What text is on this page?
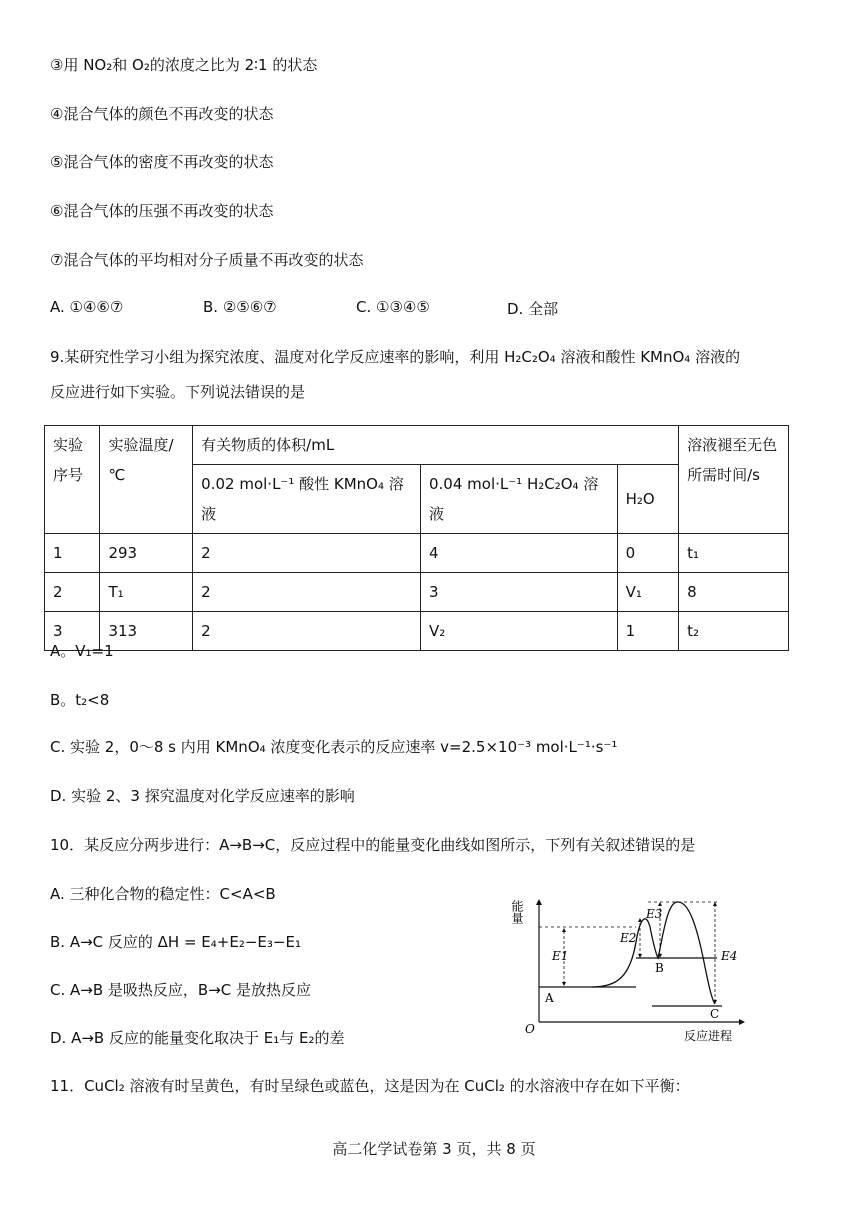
③用 NO₂和 O₂的浓度之比为 2∶1 的状态
④混合气体的颜色不再改变的状态
⑤混合气体的密度不再改变的状态
⑥混合气体的压强不再改变的状态
⑦混合气体的平均相对分子质量不再改变的状态
A. ①④⑥⑦	B. ②⑤⑥⑦	C. ①③④⑤	D. 全部
9.某研究性学习小组为探究浓度、温度对化学反应速率的影响，利用 H₂C₂O₄ 溶液和酸性 KMnO₄ 溶液的
反应进行如下实验。下列说法错误的是
实验序号	实验温度/℃	有关物质的体积/mL			溶液褪至无色所需时间/s
		0.02 mol·L⁻¹ 酸性 KMnO₄ 溶液	0.04 mol·L⁻¹ H₂C₂O₄ 溶液	H₂O	
1	293	2	4	0	t₁
2	T₁	2	3	V₁	8
3	313	2	V₂	1	t₂
A。V₁=1
B。t₂<8
C. 实验 2，0～8 s 内用 KMnO₄ 浓度变化表示的反应速率 v=2.5×10⁻³ mol·L⁻¹·s⁻¹
D. 实验 2、3 探究温度对化学反应速率的影响
10．某反应分两步进行：A→B→C，反应过程中的能量变化曲线如图所示，下列有关叙述错误的是
A. 三种化合物的稳定性：C<A<B
B. A→C 反应的 ΔH = E₄+E₂−E₃−E₁
C. A→B 是吸热反应，B→C 是放热反应
D. A→B 反应的能量变化取决于 E₁与 E₂的差
能量
反应进程
O
A
B
C
E1
E2
E3
E4
11．CuCl₂ 溶液有时呈黄色，有时呈绿色或蓝色，这是因为在 CuCl₂ 的水溶液中存在如下平衡：
高二化学试卷第 3 页，共 8 页
